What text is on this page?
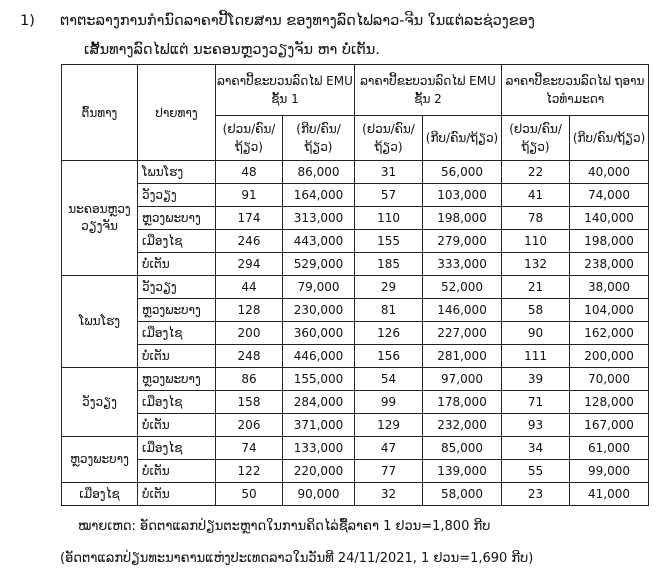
1) ຕາຕະລາງການກຳນົດລາຄາປີ້ໂດຍສານ ຂອງທາງລົດໄຟລາວ-ຈີນ ໃນແຕ່ລະຊ່ວງຂອງ
ເສັ້ນທາງລົດໄຟແຕ່ ນະຄອນຫຼວງວຽງຈັນ ຫາ ບໍ່ເຕັນ.
ຕົ້ນທາງ	ປາຍທາງ	ລາຄາປີ້ຂະບວນລົດໄຟ EMU ຊັ້ນ 1		ລາຄາປີ້ຂະບວນລົດໄຟ EMU ຊັ້ນ 2		ລາຄາປີ້ຂະບວນລົດໄຟ ຖອານໄວທຳມະດາ	
		(ຢວນ/ຄົນ/ຖ້ຽວ)	(ກີບ/ຄົນ/ຖ້ຽວ)	(ຢວນ/ຄົນ/ຖ້ຽວ)	(ກີບ/ຄົນ/ຖ້ຽວ)	(ຢວນ/ຄົນ/ຖ້ຽວ)	(ກີບ/ຄົນ/ຖ້ຽວ)

ນະຄອນຫຼວງວຽງຈັນ	ໂພນໂຮງ	48	86,000	31	56,000	22	40,000
	ວັງວຽງ	91	164,000	57	103,000	41	74,000
	ຫຼວງພະບາງ	174	313,000	110	198,000	78	140,000
	ເມືອງໄຊ	246	443,000	155	279,000	110	198,000
	ບໍ່ເຕັນ	294	529,000	185	333,000	132	238,000
ໂພນໂຮງ	ວັງວຽງ	44	79,000	29	52,000	21	38,000
	ຫຼວງພະບາງ	128	230,000	81	146,000	58	104,000
	ເມືອງໄຊ	200	360,000	126	227,000	90	162,000
	ບໍ່ເຕັນ	248	446,000	156	281,000	111	200,000
ວັງວຽງ	ຫຼວງພະບາງ	86	155,000	54	97,000	39	70,000
	ເມືອງໄຊ	158	284,000	99	178,000	71	128,000
	ບໍ່ເຕັນ	206	371,000	129	232,000	93	167,000
ຫຼວງພະບາງ	ເມືອງໄຊ	74	133,000	47	85,000	34	61,000
	ບໍ່ເຕັນ	122	220,000	77	139,000	55	99,000
ເມືອງໄຊ	ບໍ່ເຕັນ	50	90,000	32	58,000	23	41,000
ໝາຍເຫດ: ອັດຕາແລກປ່ຽນຕະຫຼາດໃນການຄິດໄລ່ຊື້ລາຄາ 1 ຢວນ=1,800 ກີບ
(ອັດຕາແລກປ່ຽນທະນາຄານແຫ່ງປະເທດລາວໃນວັນທີ 24/11/2021, 1 ຢວນ=1,690 ກີບ)
